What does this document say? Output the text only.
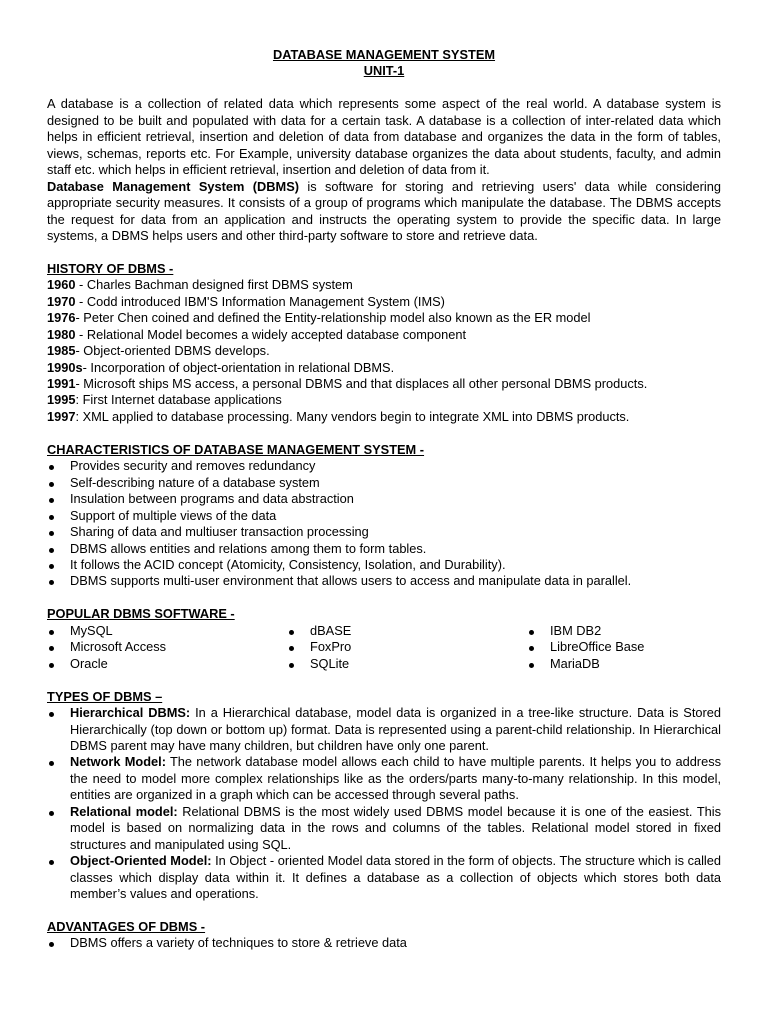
DATABASE MANAGEMENT SYSTEM
UNIT-1

A database is a collection of related data which represents some aspect of the real world. A database system is designed to be built and populated with data for a certain task. A database is a collection of inter-related data which helps in efficient retrieval, insertion and deletion of data from database and organizes the data in the form of tables, views, schemas, reports etc. For Example, university database organizes the data about students, faculty, and admin staff etc. which helps in efficient retrieval, insertion and deletion of data from it.

Database Management System (DBMS) is software for storing and retrieving users' data while considering appropriate security measures. It consists of a group of programs which manipulate the database. The DBMS accepts the request for data from an application and instructs the operating system to provide the specific data. In large systems, a DBMS helps users and other third-party software to store and retrieve data.

HISTORY OF DBMS -
1960 - Charles Bachman designed first DBMS system
1970 - Codd introduced IBM'S Information Management System (IMS)
1976- Peter Chen coined and defined the Entity-relationship model also known as the ER model
1980 - Relational Model becomes a widely accepted database component
1985- Object-oriented DBMS develops.
1990s- Incorporation of object-orientation in relational DBMS.
1991- Microsoft ships MS access, a personal DBMS and that displaces all other personal DBMS products.
1995: First Internet database applications
1997: XML applied to database processing. Many vendors begin to integrate XML into DBMS products.
CHARACTERISTICS OF DATABASE MANAGEMENT SYSTEM -
Provides security and removes redundancy
Self-describing nature of a database system
Insulation between programs and data abstraction
Support of multiple views of the data
Sharing of data and multiuser transaction processing
DBMS allows entities and relations among them to form tables.
It follows the ACID concept (Atomicity, Consistency, Isolation, and Durability).
DBMS supports multi-user environment that allows users to access and manipulate data in parallel.
POPULAR DBMS SOFTWARE -
MySQL
Microsoft Access
Oracle
dBASE
FoxPro
SQLite
IBM DB2
LibreOffice Base
MariaDB
TYPES OF DBMS –
Hierarchical DBMS: In a Hierarchical database, model data is organized in a tree-like structure. Data is Stored Hierarchically (top down or bottom up) format. Data is represented using a parent-child relationship. In Hierarchical DBMS parent may have many children, but children have only one parent.
Network Model: The network database model allows each child to have multiple parents. It helps you to address the need to model more complex relationships like as the orders/parts many-to-many relationship. In this model, entities are organized in a graph which can be accessed through several paths.
Relational model: Relational DBMS is the most widely used DBMS model because it is one of the easiest. This model is based on normalizing data in the rows and columns of the tables. Relational model stored in fixed structures and manipulated using SQL.
Object-Oriented Model: In Object - oriented Model data stored in the form of objects. The structure which is called classes which display data within it. It defines a database as a collection of objects which stores both data member’s values and operations.
ADVANTAGES OF DBMS -
DBMS offers a variety of techniques to store & retrieve data
